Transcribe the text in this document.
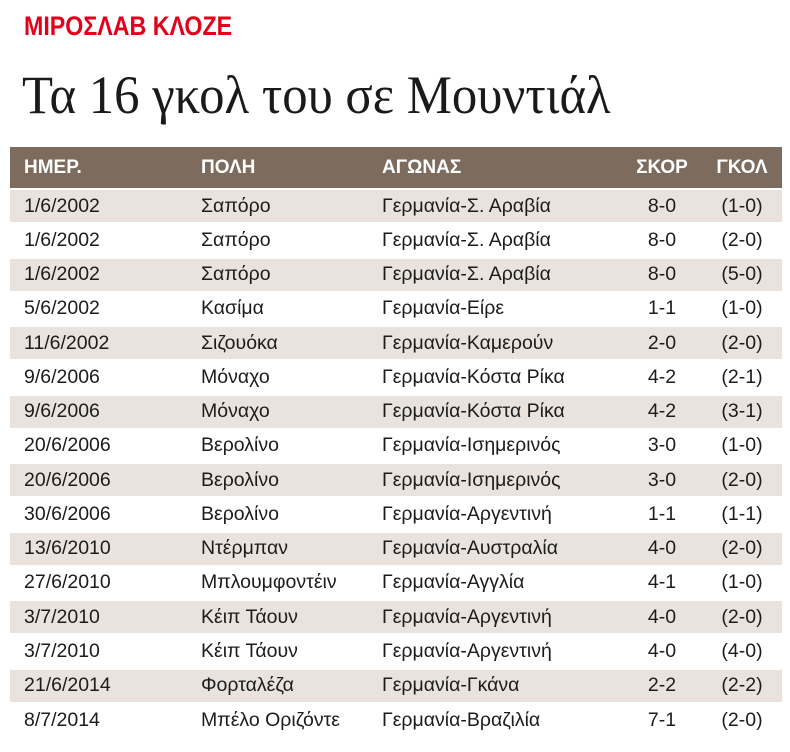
ΜΙΡΟΣΛΑΒ ΚΛΟΖΕ
Τα 16 γκολ του σε Μουντιάλ
ΗΜΕΡ.	ΠΟΛΗ	ΑΓΩΝΑΣ	ΣΚΟΡ	ΓΚΟΛ
1/6/2002	Σαπόρο	Γερμανία-Σ. Αραβία	8-0	(1-0)
1/6/2002	Σαπόρο	Γερμανία-Σ. Αραβία	8-0	(2-0)
1/6/2002	Σαπόρο	Γερμανία-Σ. Αραβία	8-0	(5-0)
5/6/2002	Κασίμα	Γερμανία-Είρε	1-1	(1-0)
11/6/2002	Σιζουόκα	Γερμανία-Καμερούν	2-0	(2-0)
9/6/2006	Μόναχο	Γερμανία-Κόστα Ρίκα	4-2	(2-1)
9/6/2006	Μόναχο	Γερμανία-Κόστα Ρίκα	4-2	(3-1)
20/6/2006	Βερολίνο	Γερμανία-Ισημερινός	3-0	(1-0)
20/6/2006	Βερολίνο	Γερμανία-Ισημερινός	3-0	(2-0)
30/6/2006	Βερολίνο	Γερμανία-Αργεντινή	1-1	(1-1)
13/6/2010	Ντέρμπαν	Γερμανία-Αυστραλία	4-0	(2-0)
27/6/2010	Μπλουμφοντέιν	Γερμανία-Αγγλία	4-1	(1-0)
3/7/2010	Κέιπ Τάουν	Γερμανία-Αργεντινή	4-0	(2-0)
3/7/2010	Κέιπ Τάουν	Γερμανία-Αργεντινή	4-0	(4-0)
21/6/2014	Φορταλέζα	Γερμανία-Γκάνα	2-2	(2-2)
8/7/2014	Μπέλο Οριζόντε	Γερμανία-Βραζιλία	7-1	(2-0)
